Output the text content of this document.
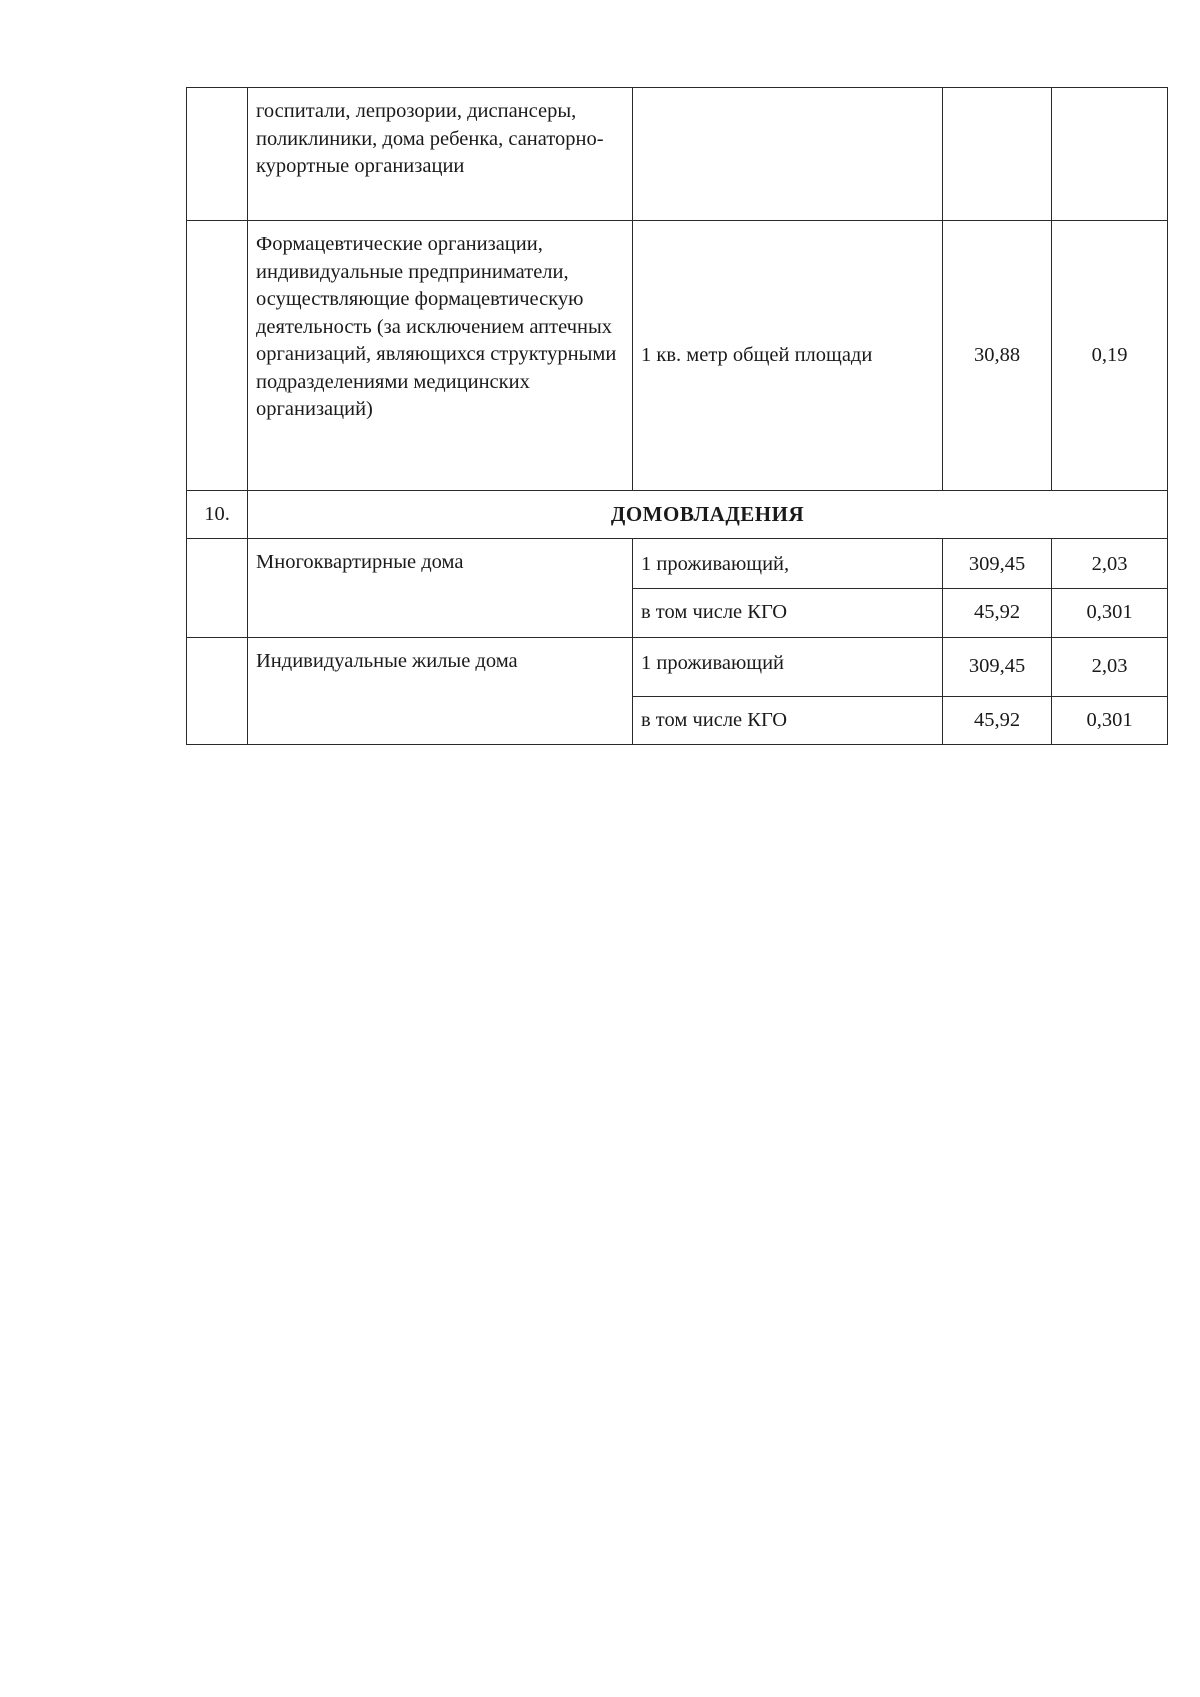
	госпитали, лепрозории, диспансеры, поликлиники, дома ребенка, санаторно-курортные организации			
	Формацевтические организации, индивидуальные предприниматели, осуществляющие формацевтическую деятельность (за исключением аптечных организаций, являющихся структурными подразделениями медицинских организаций)	1 кв. метр общей площади	30,88	0,19
10.	ДОМОВЛАДЕНИЯ			
	Многоквартирные дома	1 проживающий,	309,45	2,03
		в том числе КГО	45,92	0,301
	Индивидуальные жилые дома	1 проживающий	309,45	2,03
		в том числе КГО	45,92	0,301
